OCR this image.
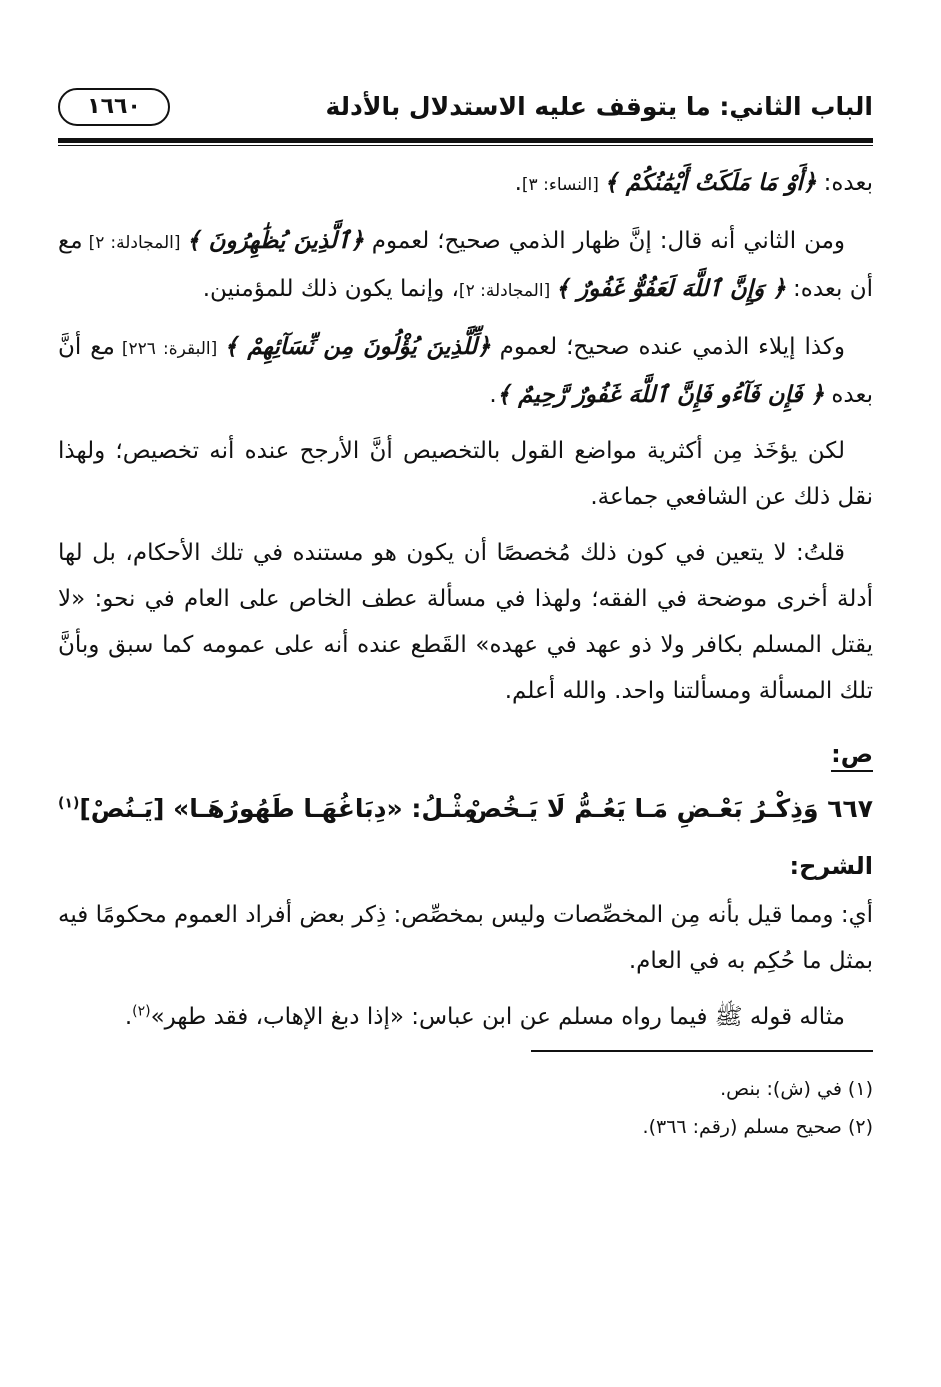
الباب الثاني: ما يتوقف عليه الاستدلال بالأدلة
١٦٦٠

بعده: ﴿أَوْ مَا مَلَكَتْ أَيْمَٰنُكُمْ ﴾ [النساء: ٣].

ومن الثاني أنه قال: إنَّ ظهار الذمي صحيح؛ لعموم ﴿ٱلَّذِينَ يُظَٰهِرُونَ ﴾ [المجادلة: ٢] مع أن بعده: ﴿ وَإِنَّ ٱللَّهَ لَعَفُوٌّ غَفُورٌ ﴾ [المجادلة: ٢]، وإنما يكون ذلك للمؤمنين.

وكذا إيلاء الذمي عنده صحيح؛ لعموم ﴿لِّلَّذِينَ يُؤْلُونَ مِن نِّسَآئِهِمْ ﴾ [البقرة: ٢٢٦] مع أنَّ بعده ﴿ فَإِن فَآءُو فَإِنَّ ٱللَّهَ غَفُورٌ رَّحِيمٌ ﴾.

لكن يؤخَذ مِن أكثرية مواضع القول بالتخصيص أنَّ الأرجح عنده أنه تخصيص؛ ولهذا نقل ذلك عن الشافعي جماعة.

قلتُ: لا يتعين في كون ذلك مُخصصًا أن يكون هو مستنده في تلك الأحكام، بل لها أدلة أخرى موضحة في الفقه؛ ولهذا في مسألة عطف الخاص على العام في نحو: «لا يقتل المسلم بكافر ولا ذو عهد في عهده» القَطع عنده أنه على عمومه كما سبق وبأنَّ تلك المسألة ومسألتنا واحد. والله أعلم.

ص:
٦٦٧ وَذِكْـرُ بَعْـضِ مَـا يَعُـمُّ لَا يَـخُصْ
مِثْـلُ: «دِبَاغُهَـا طَهُورُهَـا» [يَـنُصْ]$^{(١)}$
الشرح:

أي: ومما قيل بأنه مِن المخصِّصات وليس بمخصِّص: ذِكر بعض أفراد العموم محكومًا فيه بمثل ما حُكِم به في العام.

مثاله قوله ﷺ فيما رواه مسلم عن ابن عباس: «إذا دبغ الإهاب، فقد طهر»$^{(٢)}$.

(١) في (ش): بنص.

(٢) صحيح مسلم (رقم: ٣٦٦).
